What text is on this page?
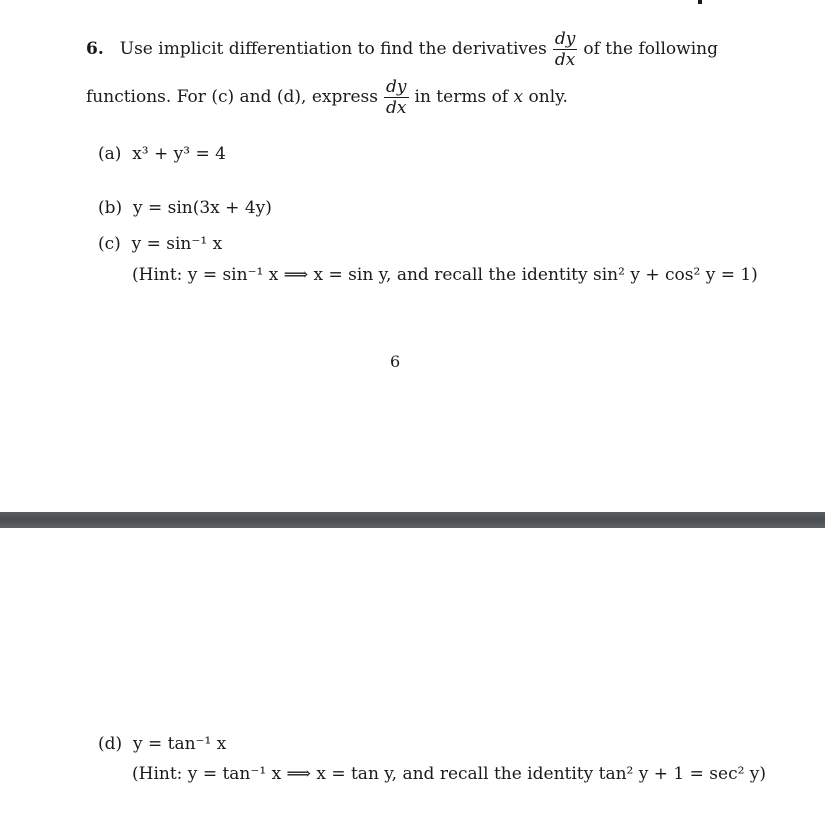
6. Use implicit differentiation to find the derivatives $\frac{dy}{dx}$ of the following
functions. For (c) and (d), express $\frac{dy}{dx}$ in terms of x only.
(a) x³ + y³ = 4
(b) y = sin(3x + 4y)
(c) y = sin⁻¹ x
(Hint: y = sin⁻¹ x ⟹ x = sin y, and recall the identity sin² y + cos² y = 1)
6
(d) y = tan⁻¹ x
(Hint: y = tan⁻¹ x ⟹ x = tan y, and recall the identity tan² y + 1 = sec² y)
